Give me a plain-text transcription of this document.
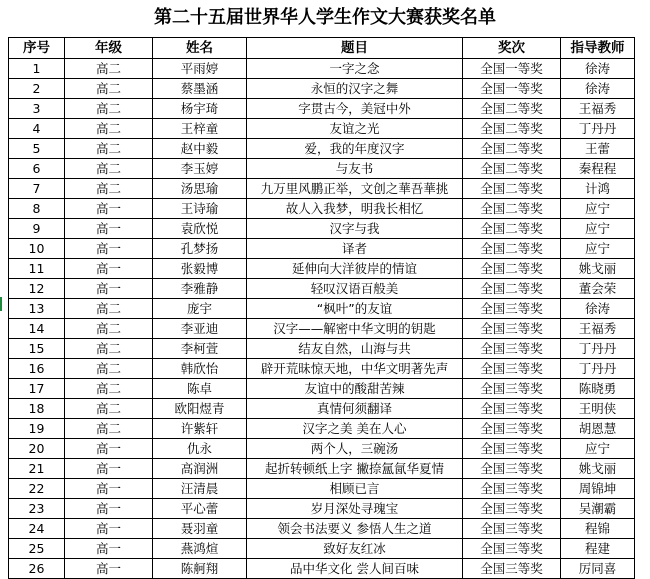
第二十五届世界华人学生作文大赛获奖名单
序号	年级	姓名	题目	奖次	指导教师
1	高二	平雨婷	一字之念	全国一等奖	徐涛
2	高二	蔡墨涵	永恒的汉字之舞	全国一等奖	徐涛
3	高二	杨宇琦	字贯古今，美冠中外	全国二等奖	王福秀
4	高二	王梓童	友谊之光	全国二等奖	丁丹丹
5	高二	赵中毅	爱，我的年度汉字	全国二等奖	王蕾
6	高二	李玉婷	与友书	全国二等奖	秦程程
7	高二	汤思瑜	九万里风鹏正举，文创之華吾華挑	全国二等奖	计鸿
8	高一	王诗瑜	故人入我梦，明我长相忆	全国二等奖	应宁
9	高一	袁欣悦	汉字与我	全国二等奖	应宁
10	高一	孔梦扬	译者	全国二等奖	应宁
11	高一	张毅博	延伸向大洋彼岸的情谊	全国二等奖	姚戈丽
12	高一	李雅静	轻叹汉语百般美	全国二等奖	董会荣
13	高二	庞宇	“枫叶”的友谊	全国三等奖	徐涛
14	高二	李亚迪	汉字——解密中华文明的钥匙	全国三等奖	王福秀
15	高二	李柯萱	结友自然，山海与共	全国三等奖	丁丹丹
16	高二	韩欣怡	辟开荒昧惊天地，中华文明著先声	全国三等奖	丁丹丹
17	高二	陈卓	友谊中的酸甜苦辣	全国三等奖	陈晓勇
18	高二	欧阳煜青	真情何须翻译	全国三等奖	王明侠
19	高二	许紫轩	汉字之美 美在人心	全国三等奖	胡恩慧
20	高一	仇永	两个人，三碗汤	全国三等奖	应宁
21	高一	高润洲	起折转顿纸上字 撇捺氲氤华夏情	全国三等奖	姚戈丽
22	高一	汪清晨	相顾已言	全国三等奖	周锦坤
23	高一	平心蕾	岁月深处寻瑰宝	全国三等奖	吴潮霸
24	高一	聂羽童	领会书法要义 参悟人生之道	全国三等奖	程锦
25	高一	燕鸿煊	致好友红冰	全国三等奖	程建
26	高一	陈舸翔	品中华文化 尝人间百味	全国三等奖	厉同喜
